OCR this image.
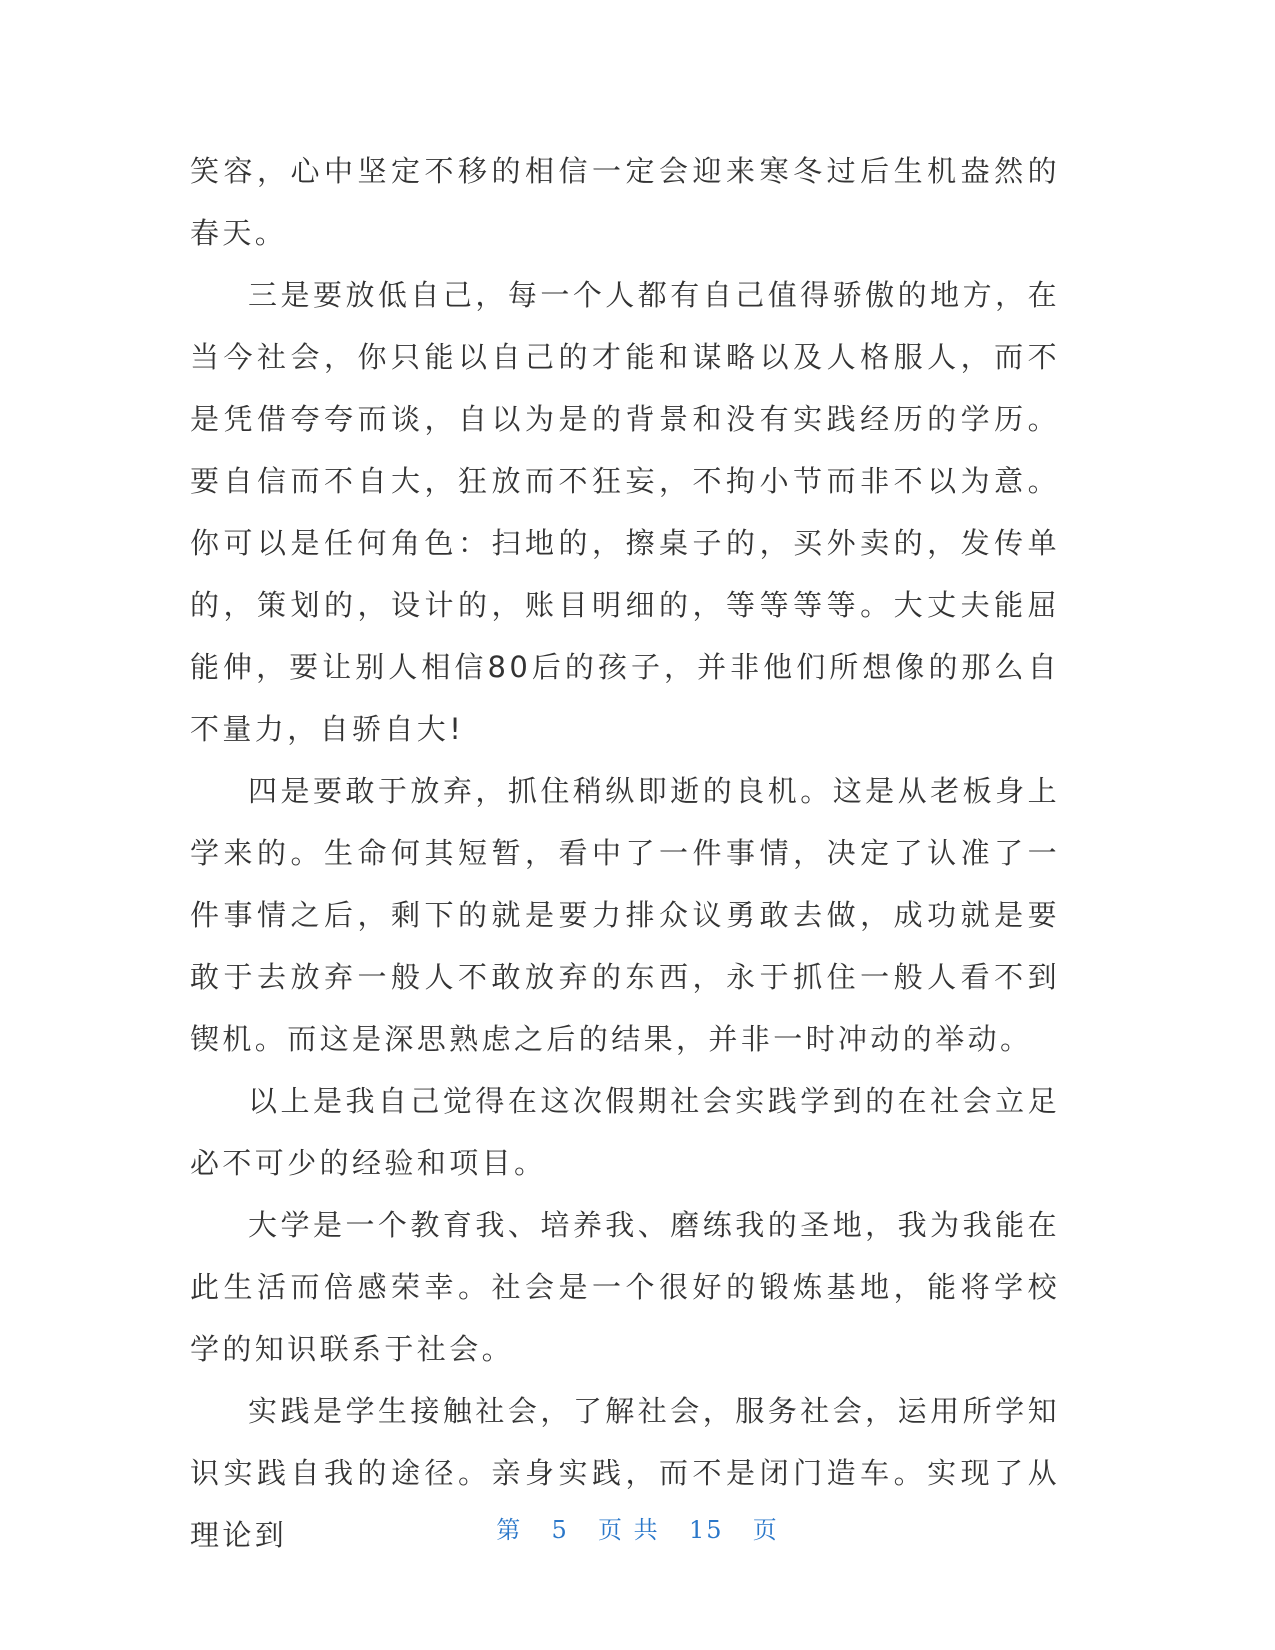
笑容，心中坚定不移的相信一定会迎来寒冬过后生机盎然的春天。

三是要放低自己，每一个人都有自己值得骄傲的地方，在当今社会，你只能以自己的才能和谋略以及人格服人，而不是凭借夸夸而谈，自以为是的背景和没有实践经历的学历。要自信而不自大，狂放而不狂妄，不拘小节而非不以为意。你可以是任何角色：扫地的，擦桌子的，买外卖的，发传单的，策划的，设计的，账目明细的，等等等等。大丈夫能屈能伸，要让别人相信80后的孩子，并非他们所想像的那么自不量力，自骄自大!

四是要敢于放弃，抓住稍纵即逝的良机。这是从老板身上学来的。生命何其短暂，看中了一件事情，决定了认准了一件事情之后，剩下的就是要力排众议勇敢去做，成功就是要敢于去放弃一般人不敢放弃的东西，永于抓住一般人看不到锲机。而这是深思熟虑之后的结果，并非一时冲动的举动。

以上是我自己觉得在这次假期社会实践学到的在社会立足必不可少的经验和项目。

大学是一个教育我、培养我、磨练我的圣地，我为我能在此生活而倍感荣幸。社会是一个很好的锻炼基地，能将学校学的知识联系于社会。

实践是学生接触社会，了解社会，服务社会，运用所学知识实践自我的途径。亲身实践，而不是闭门造车。实现了从理论到	第 5 页 共 15 页
